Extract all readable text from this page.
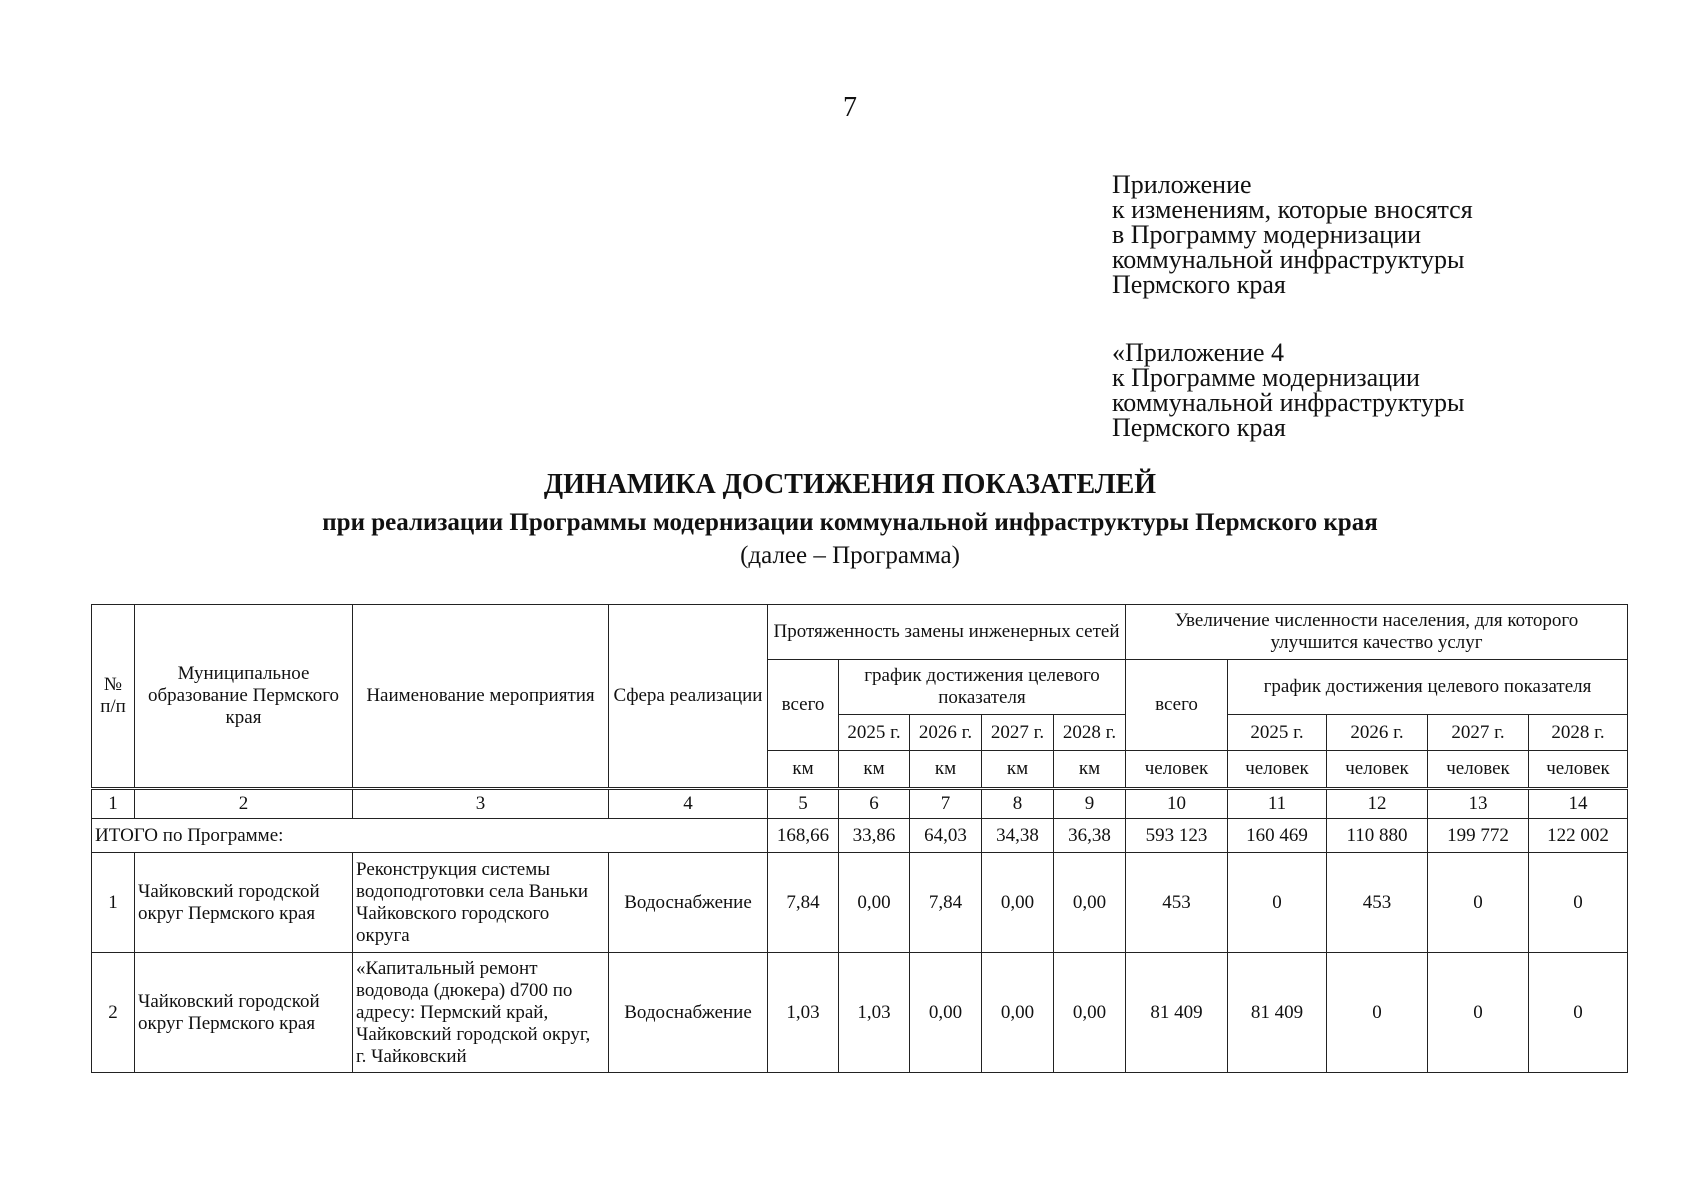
7
Приложение
к изменениям, которые вносятся
в Программу модернизации
коммунальной инфраструктуры
Пермского края
«Приложение 4
к Программе модернизации
коммунальной инфраструктуры
Пермского края
ДИНАМИКА ДОСТИЖЕНИЯ ПОКАЗАТЕЛЕЙ
при реализации Программы модернизации коммунальной инфраструктуры Пермского края
(далее – Программа)
№ п/п	Муниципальное образование Пермского края	Наименование мероприятия	Сфера реализации	Протяженность замены инженерных сетей					Увеличение численности населения, для которого улучшится качество услуг				
				всего	график достижения целевого показателя				всего	график достижения целевого показателя			
					2025 г.	2026 г.	2027 г.	2028 г.		2025 г.	2026 г.	2027 г.	2028 г.
				км	км	км	км	км	человек	человек	человек	человек	человек
1	2	3	4	5	6	7	8	9	10	11	12	13	14
ИТОГО по Программе:				168,66	33,86	64,03	34,38	36,38	593 123	160 469	110 880	199 772	122 002
1	Чайковский городской округ Пермского края	Реконструкция системы водоподготовки села Ваньки Чайковского городского округа	Водоснабжение	7,84	0,00	7,84	0,00	0,00	453	0	453	0	0
2	Чайковский городской округ Пермского края	«Капитальный ремонт водовода (дюкера) d700 по адресу: Пермский край, Чайковский городской округ, г. Чайковский	Водоснабжение	1,03	1,03	0,00	0,00	0,00	81 409	81 409	0	0	0
